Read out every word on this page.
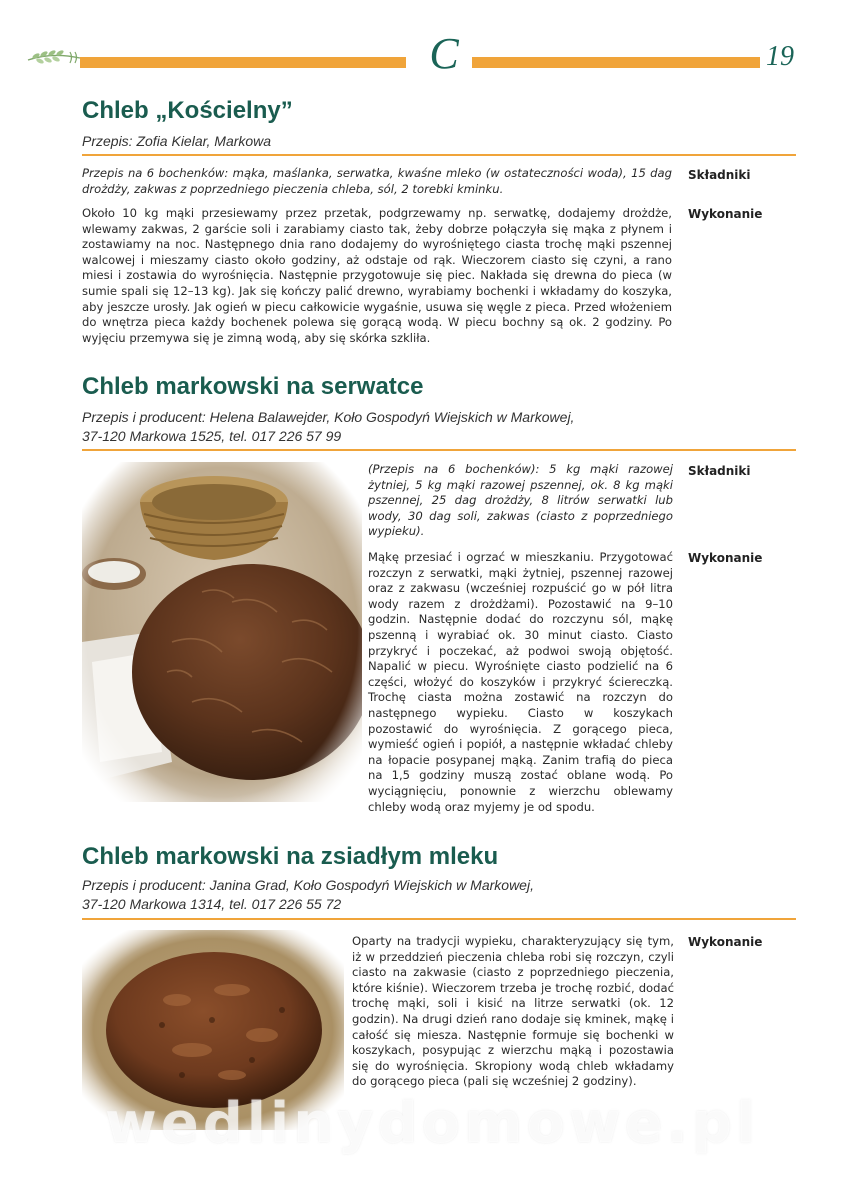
C	19
Chleb „Kościelny”

Przepis: Zofia Kielar, Markowa

Przepis na 6 bochenków: mąka, maślanka, serwatka, kwaśne mleko (w ostateczności woda), 15 dag drożdży, zakwas z poprzedniego pieczenia chleba, sól, 2 torebki kminku.

Składniki

Około 10 kg mąki przesiewamy przez przetak, podgrzewamy np. serwatkę, dodajemy drożdże, wlewamy zakwas, 2 garście soli i zarabiamy ciasto tak, żeby dobrze połączyła się mąka z płynem i zostawiamy na noc. Następnego dnia rano dodajemy do wyrośniętego ciasta trochę mąki pszennej walcowej i mieszamy ciasto około godziny, aż odstaje od rąk. Wieczorem ciasto się czyni, a rano miesi i zostawia do wyrośnięcia. Następnie przygotowuje się piec. Nakłada się drewna do pieca (w sumie spali się 12–13 kg). Jak się kończy palić drewno, wyrabiamy bochenki i wkładamy do koszyka, aby jeszcze urosły. Jak ogień w piecu całkowicie wygaśnie, usuwa się węgle z pieca. Przed włożeniem do wnętrza pieca każdy bochenek polewa się gorącą wodą. W piecu bochny są ok. 2 godziny. Po wyjęciu przemywa się je zimną wodą, aby się skórka szkliła.

Wykonanie

Chleb markowski na serwatce

Przepis i producent: Helena Balawejder, Koło Gospodyń Wiejskich w Markowej,

37-120 Markowa 1525, tel. 017 226 57 99

(Przepis na 6 bochenków): 5 kg mąki razowej żytniej, 5 kg mąki razowej pszennej, ok. 8 kg mąki pszennej, 25 dag drożdży, 8 litrów serwatki lub wody, 30 dag soli, zakwas (ciasto z poprzedniego wypieku).

Składniki

Mąkę przesiać i ogrzać w mieszkaniu. Przygotować rozczyn z serwatki, mąki żytniej, pszennej razowej oraz z zakwasu (wcześniej rozpuścić go w pół litra wody razem z drożdżami). Pozostawić na 9–10 godzin. Następnie dodać do rozczynu sól, mąkę pszenną i wyrabiać ok. 30 minut ciasto. Ciasto przykryć i poczekać, aż podwoi swoją objętość. Napalić w piecu. Wyrośnięte ciasto podzielić na 6 części, włożyć do koszyków i przykryć ściereczką. Trochę ciasta można zostawić na rozczyn do następnego wypieku. Ciasto w koszykach pozostawić do wyrośnięcia. Z gorącego pieca, wymieść ogień i popiół, a następnie wkładać chleby na łopacie posypanej mąką. Zanim trafią do pieca na 1,5 godziny muszą zostać oblane wodą. Po wyciągnięciu, ponownie z wierzchu oblewamy chleby wodą oraz myjemy je od spodu.

Wykonanie

Chleb markowski na zsiadłym mleku

Przepis i producent: Janina Grad, Koło Gospodyń Wiejskich w Markowej,

37-120 Markowa 1314, tel. 017 226 55 72

Oparty na tradycji wypieku, charakteryzujący się tym, iż w przeddzień pieczenia chleba robi się rozczyn, czyli ciasto na zakwasie (ciasto z poprzedniego pieczenia, które kiśnie). Wieczorem trzeba je trochę rozbić, dodać trochę mąki, soli i kisić na litrze serwatki (ok. 12 godzin). Na drugi dzień rano dodaje się kminek, mąkę i całość się miesza. Następnie formuje się bochenki w koszykach, posypując z wierzchu mąką i pozostawia się do wyrośnięcia. Skropiony wodą chleb wkładamy do gorącego pieca (pali się wcześniej 2 godziny).

Wykonanie

wedlinydomowe.pl
